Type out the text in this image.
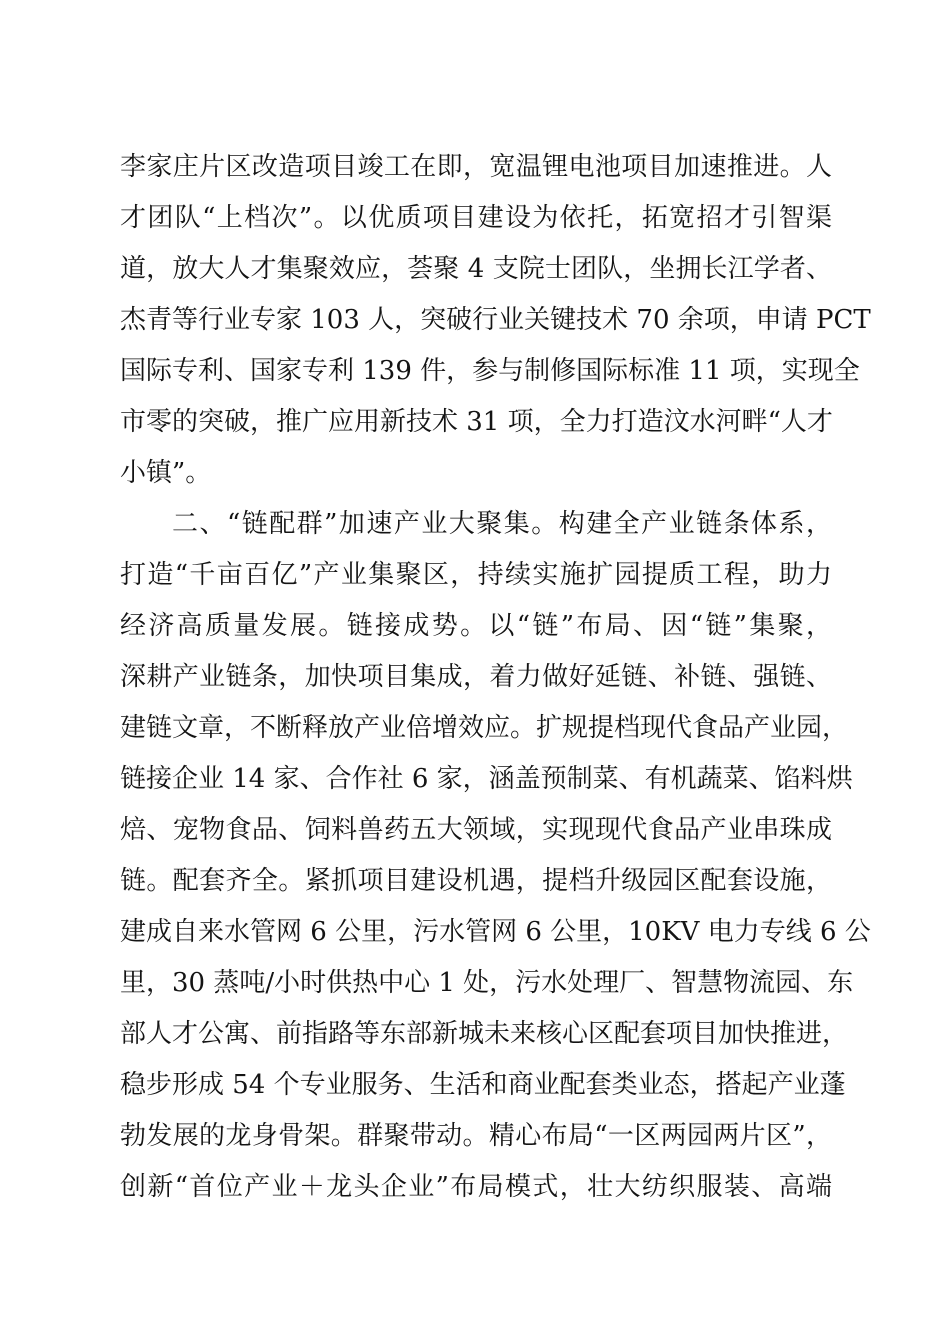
李家庄片区改造项目竣工在即，宽温锂电池项目加速推进。人
才团队“上档次”。以优质项目建设为依托，拓宽招才引智渠
道，放大人才集聚效应，荟聚 4 支院士团队，坐拥长江学者、
杰青等行业专家 103 人，突破行业关键技术 70 余项，申请 PCT
国际专利、国家专利 139 件，参与制修国际标准 11 项，实现全
市零的突破，推广应用新技术 31 项，全力打造汶水河畔“人才
小镇”。
二、“链配群”加速产业大聚集。构建全产业链条体系，
打造“千亩百亿”产业集聚区，持续实施扩园提质工程，助力
经济高质量发展。链接成势。以“链”布局、因“链”集聚，
深耕产业链条，加快项目集成，着力做好延链、补链、强链、
建链文章，不断释放产业倍增效应。扩规提档现代食品产业园，
链接企业 14 家、合作社 6 家，涵盖预制菜、有机蔬菜、馅料烘
焙、宠物食品、饲料兽药五大领域，实现现代食品产业串珠成
链。配套齐全。紧抓项目建设机遇，提档升级园区配套设施，
建成自来水管网 6 公里，污水管网 6 公里，10KV 电力专线 6 公
里，30 蒸吨/小时供热中心 1 处，污水处理厂、智慧物流园、东
部人才公寓、前指路等东部新城未来核心区配套项目加快推进，
稳步形成 54 个专业服务、生活和商业配套类业态，搭起产业蓬
勃发展的龙身骨架。群聚带动。精心布局“一区两园两片区”，
创新“首位产业＋龙头企业”布局模式，壮大纺织服装、高端
